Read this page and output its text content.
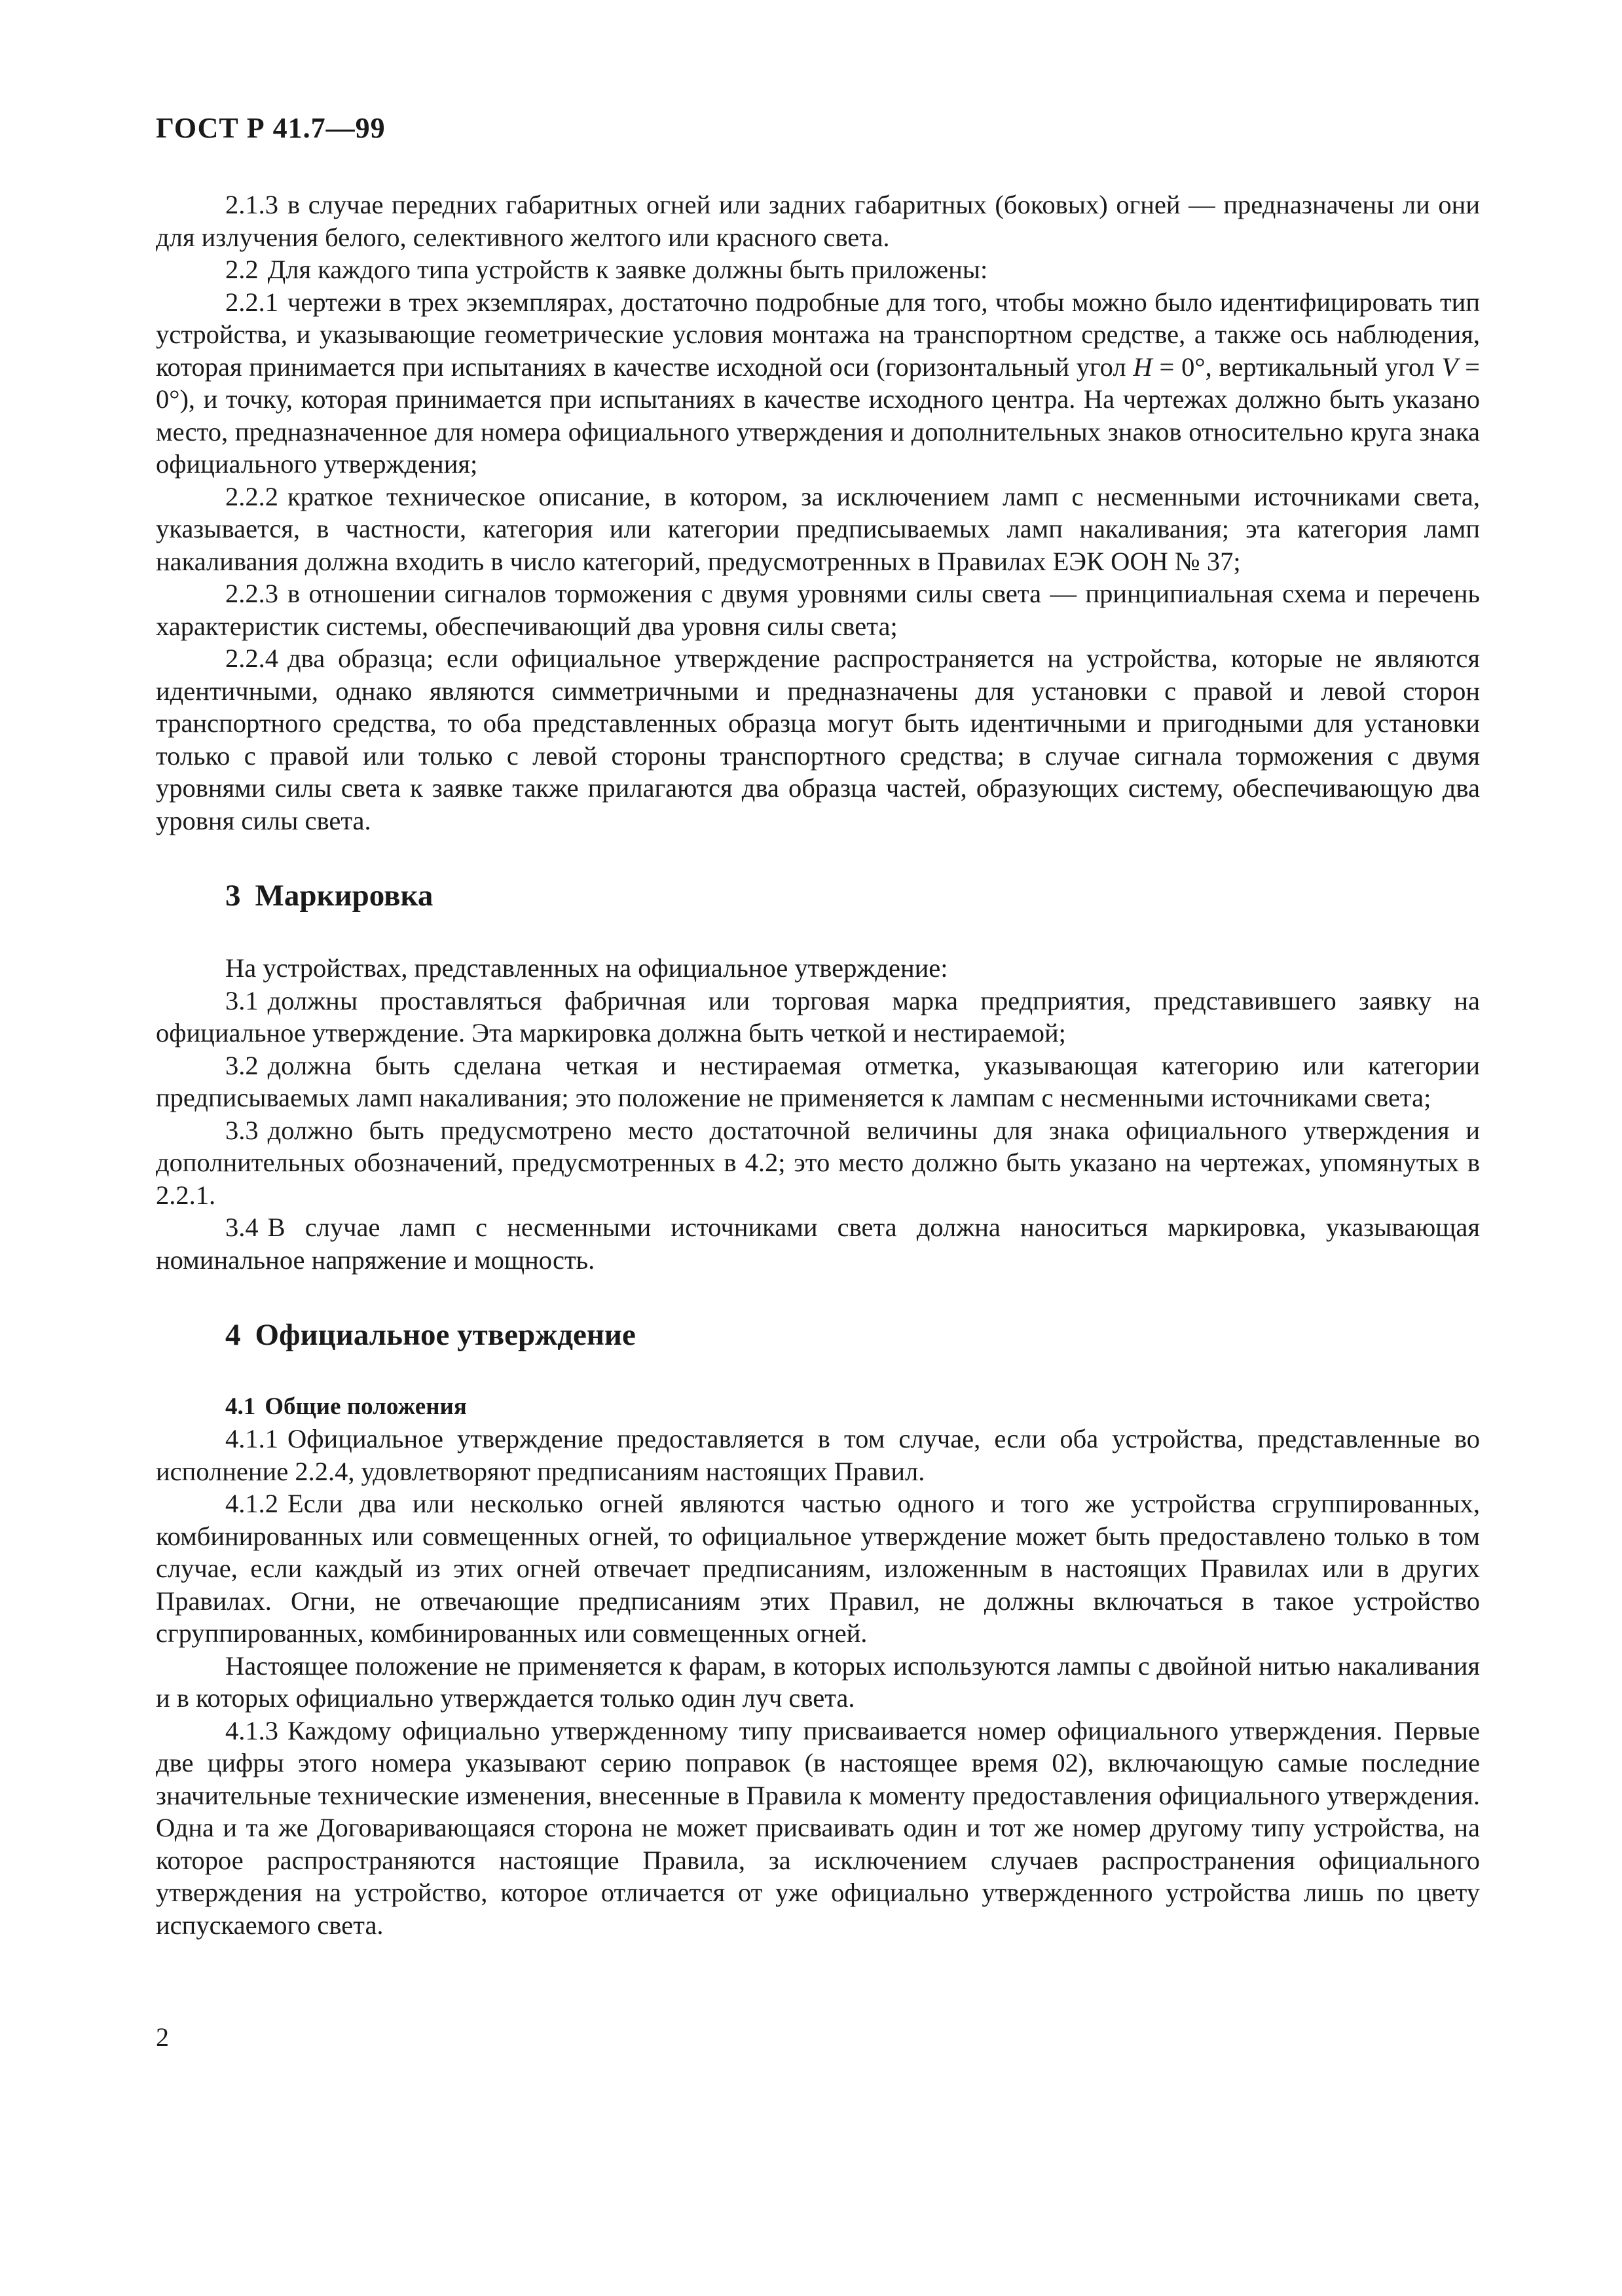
ГОСТ Р 41.7—99

2.1.3 в случае передних габаритных огней или задних габаритных (боковых) огней — предназначены ли они для излучения белого, селективного желтого или красного света.

2.2 Для каждого типа устройств к заявке должны быть приложены:

2.2.1 чертежи в трех экземплярах, достаточно подробные для того, чтобы можно было идентифицировать тип устройства, и указывающие геометрические условия монтажа на транспортном средстве, а также ось наблюдения, которая принимается при испытаниях в качестве исходной оси (горизонтальный угол H = 0°, вертикальный угол V = 0°), и точку, которая принимается при испытаниях в качестве исходного центра. На чертежах должно быть указано место, предназначенное для номера официального утверждения и дополнительных знаков относительно круга знака официального утверждения;

2.2.2 краткое техническое описание, в котором, за исключением ламп с несменными источниками света, указывается, в частности, категория или категории предписываемых ламп накаливания; эта категория ламп накаливания должна входить в число категорий, предусмотренных в Правилах ЕЭК ООН № 37;

2.2.3 в отношении сигналов торможения с двумя уровнями силы света — принципиальная схема и перечень характеристик системы, обеспечивающий два уровня силы света;

2.2.4 два образца; если официальное утверждение распространяется на устройства, которые не являются идентичными, однако являются симметричными и предназначены для установки с правой и левой сторон транспортного средства, то оба представленных образца могут быть идентичными и пригодными для установки только с правой или только с левой стороны транспортного средства; в случае сигнала торможения с двумя уровнями силы света к заявке также прилагаются два образца частей, образующих систему, обеспечивающую два уровня силы света.

3 Маркировка

На устройствах, представленных на официальное утверждение:

3.1 должны проставляться фабричная или торговая марка предприятия, представившего заявку на официальное утверждение. Эта маркировка должна быть четкой и нестираемой;

3.2 должна быть сделана четкая и нестираемая отметка, указывающая категорию или категории предписываемых ламп накаливания; это положение не применяется к лампам с несменными источниками света;

3.3 должно быть предусмотрено место достаточной величины для знака официального утверждения и дополнительных обозначений, предусмотренных в 4.2; это место должно быть указано на чертежах, упомянутых в 2.2.1.

3.4 В случае ламп с несменными источниками света должна наноситься маркировка, указывающая номинальное напряжение и мощность.

4 Официальное утверждение
4.1 Общие положения

4.1.1 Официальное утверждение предоставляется в том случае, если оба устройства, представленные во исполнение 2.2.4, удовлетворяют предписаниям настоящих Правил.

4.1.2 Если два или несколько огней являются частью одного и того же устройства сгруппированных, комбинированных или совмещенных огней, то официальное утверждение может быть предоставлено только в том случае, если каждый из этих огней отвечает предписаниям, изложенным в настоящих Правилах или в других Правилах. Огни, не отвечающие предписаниям этих Правил, не должны включаться в такое устройство сгруппированных, комбинированных или совмещенных огней.

Настоящее положение не применяется к фарам, в которых используются лампы с двойной нитью накаливания и в которых официально утверждается только один луч света.

4.1.3 Каждому официально утвержденному типу присваивается номер официального утверждения. Первые две цифры этого номера указывают серию поправок (в настоящее время 02), включающую самые последние значительные технические изменения, внесенные в Правила к моменту предоставления официального утверждения. Одна и та же Договаривающаяся сторона не может присваивать один и тот же номер другому типу устройства, на которое распространяются настоящие Правила, за исключением случаев распространения официального утверждения на устройство, которое отличается от уже официально утвержденного устройства лишь по цвету испускаемого света.

2
